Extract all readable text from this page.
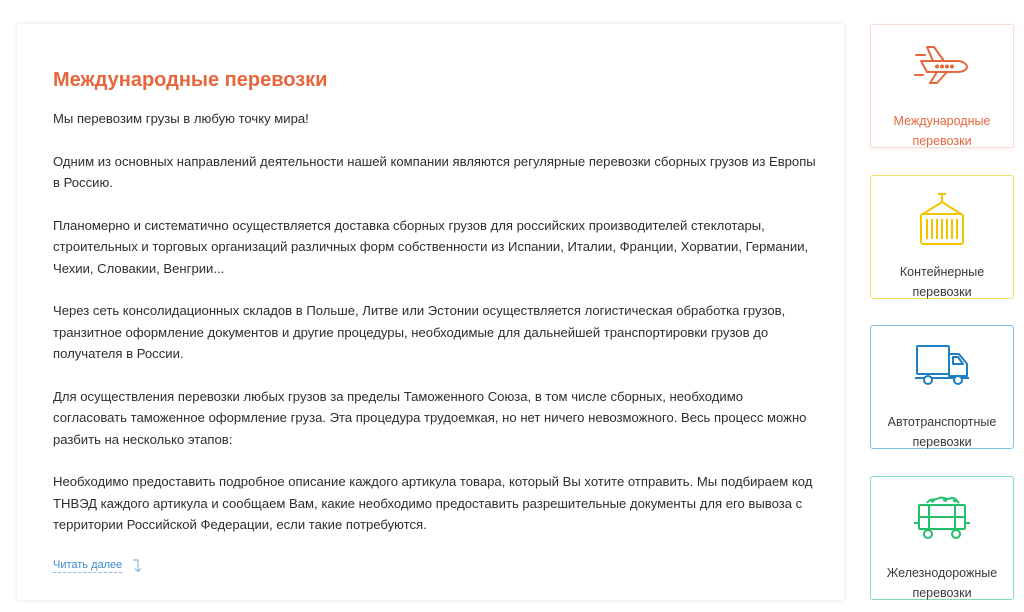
Международные перевозки

Мы перевозим грузы в любую точку мира!

Одним из основных направлений деятельности нашей компании являются регулярные перевозки сборных грузов из Европы в Россию.

Планомерно и систематично осуществляется доставка сборных грузов для российских производителей стеклотары, строительных и торговых организаций различных форм собственности из Испании, Италии, Франции, Хорватии, Германии, Чехии, Словакии, Венгрии...

Через сеть консолидационных складов в Польше, Литве или Эстонии осуществляется логистическая обработка грузов, транзитное оформление документов и другие процедуры, необходимые для дальнейшей транспортировки грузов до получателя в России.

Для осуществления перевозки любых грузов за пределы Таможенного Союза, в том числе сборных, необходимо согласовать таможенное оформление груза. Эта процедура трудоемкая, но нет ничего невозможного. Весь процесс можно разбить на несколько этапов:

Необходимо предоставить подробное описание каждого артикула товара, который Вы хотите отправить. Мы подбираем код ТНВЭД каждого артикула и сообщаем Вам, какие необходимо предоставить разрешительные документы для его вывоза с территории Российской Федерации, если такие потребуются.

Читать далее
Международные перевозки
Контейнерные перевозки
Автотранспортные перевозки
Железнодорожные перевозки
